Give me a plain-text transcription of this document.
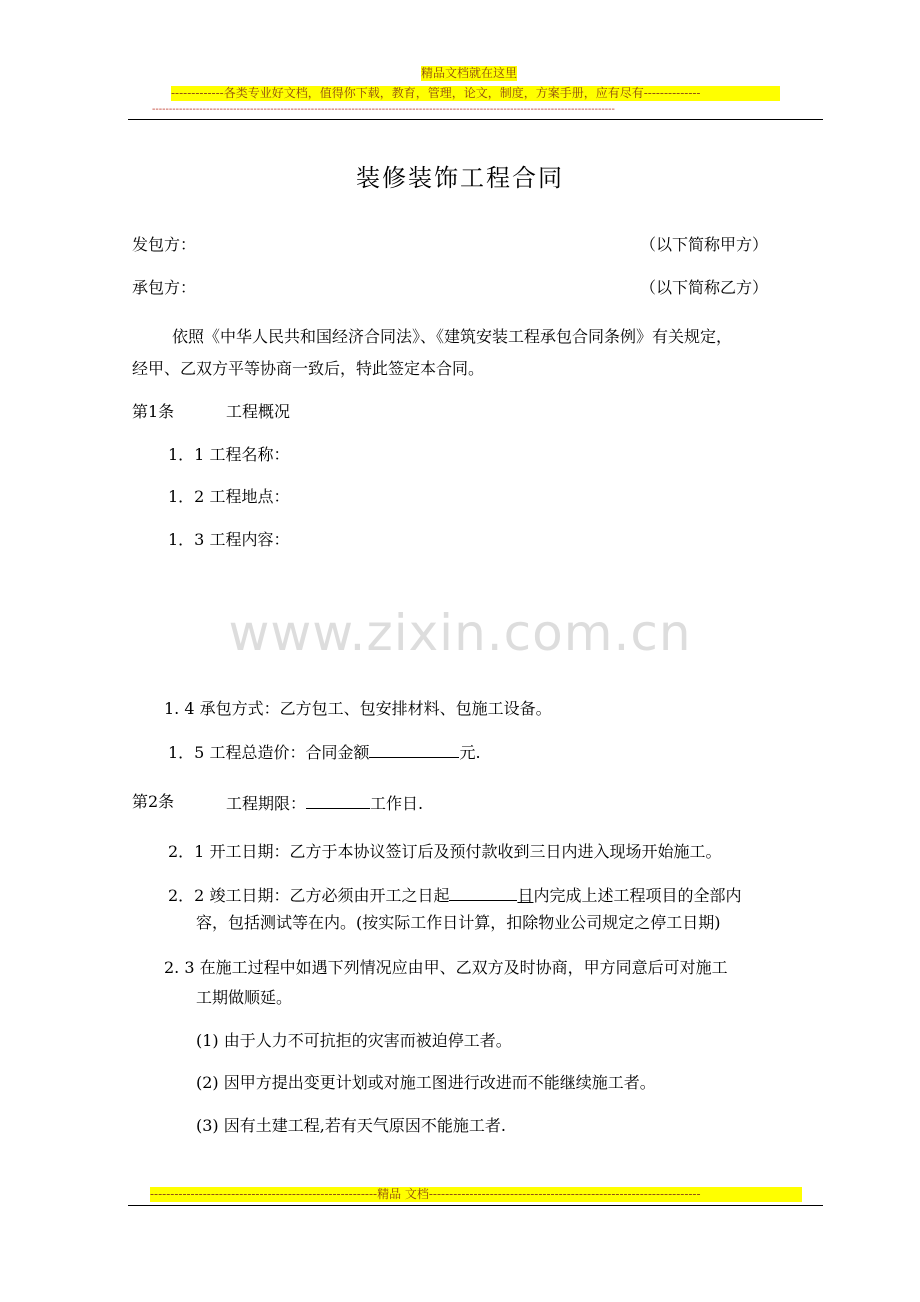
精品文档就在这里
-------------各类专业好文档，值得你下载，教育，管理，论文，制度，方案手册，应有尽有--------------
-----------------------------------------------------------------------------------------------------------------------------------------
装修装饰工程合同
发包方：	（以下简称甲方）
承包方：	（以下简称乙方）
依照《中华人民共和国经济合同法》、《建筑安装工程承包合同条例》有关规定，
经甲、乙双方平等协商一致后，特此签定本合同。
第1条	工程概况
1．1 工程名称：
1．2 工程地点：
1．3 工程内容：
www.zixin.com.cn
1. 4 承包方式：乙方包工、包安排材料、包施工设备。
1．5 工程总造价：合同金额	元.
第2条	工程期限：	工作日.
2．1 开工日期：乙方于本协议签订后及预付款收到三日内进入现场开始施工。
2．2 竣工日期：乙方必须由开工之日起	日内完成上述工程项目的全部内
容，包括测试等在内。(按实际工作日计算，扣除物业公司规定之停工日期)
2. 3 在施工过程中如遇下列情况应由甲、乙双方及时协商，甲方同意后可对施工
工期做顺延。
(1) 由于人力不可抗拒的灾害而被迫停工者。
(2) 因甲方提出变更计划或对施工图进行改进而不能继续施工者。
(3) 因有土建工程,若有天气原因不能施工者.
--------------------------------------------------------精品 文档-------------------------------------------------------------------
